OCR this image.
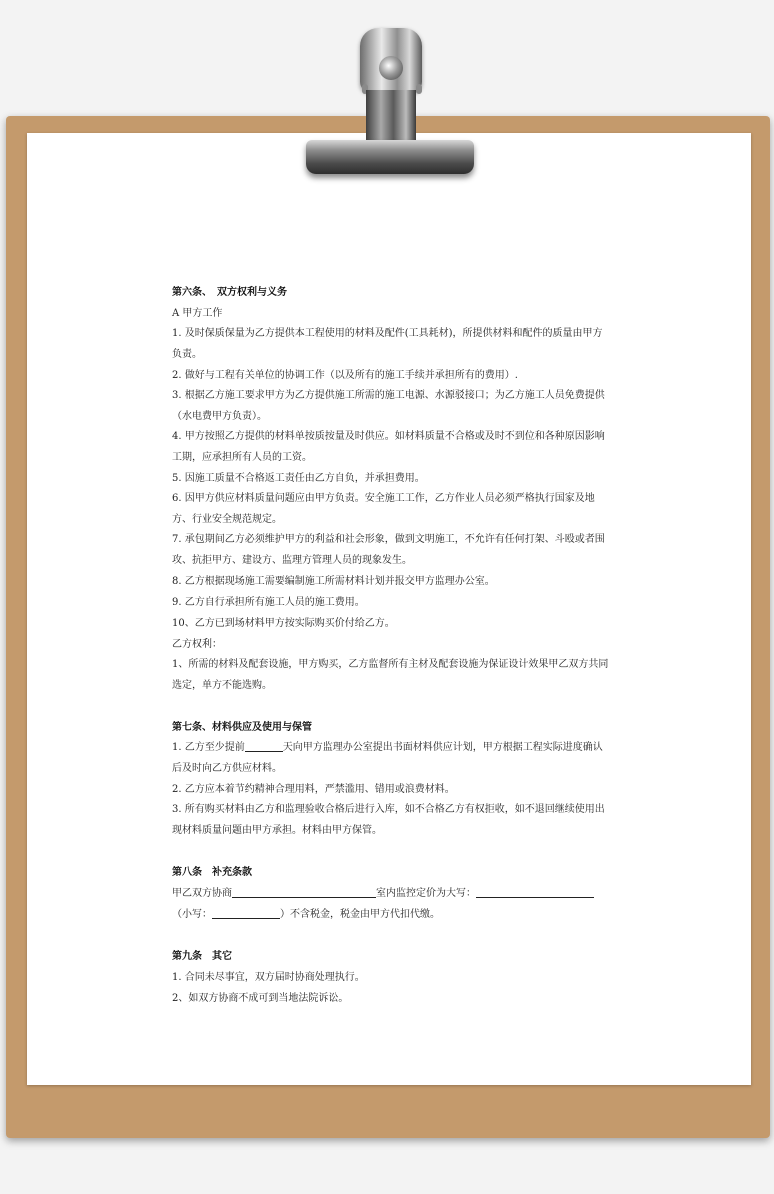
第六条、　双方权利与义务

A 甲方工作

1. 及时保质保量为乙方提供本工程使用的材料及配件(工具耗材)，所提供材料和配件的质量由甲方负责。

2. 做好与工程有关单位的协调工作（以及所有的施工手续并承担所有的费用）.

3. 根据乙方施工要求甲方为乙方提供施工所需的施工电源、水源驳接口；为乙方施工人员免费提供（水电费甲方负责）。

4. 甲方按照乙方提供的材料单按质按量及时供应。如材料质量不合格或及时不到位和各种原因影响工期，应承担所有人员的工资。

5. 因施工质量不合格返工责任由乙方自负，并承担费用。

6. 因甲方供应材料质量问题应由甲方负责。安全施工工作，乙方作业人员必须严格执行国家及地方、行业安全规范规定。

7. 承包期间乙方必须维护甲方的利益和社会形象，做到文明施工，不允许有任何打架、斗殴或者围攻、抗拒甲方、建设方、监理方管理人员的现象发生。

8. 乙方根据现场施工需要编制施工所需材料计划并报交甲方监理办公室。

9. 乙方自行承担所有施工人员的施工费用。

10、乙方已到场材料甲方按实际购买价付给乙方。

乙方权利：

1、所需的材料及配套设施，甲方购买，乙方监督所有主材及配套设施为保证设计效果甲乙双方共同选定，单方不能选购。

第七条、材料供应及使用与保管

1. 乙方至少提前	天向甲方监理办公室提出书面材料供应计划，甲方根据工程实际进度确认后及时向乙方供应材料。

2. 乙方应本着节约精神合理用料，严禁滥用、错用或浪费材料。

3. 所有购买材料由乙方和监理验收合格后进行入库，如不合格乙方有权拒收，如不退回继续使用出现材料质量问题由甲方承担。材料由甲方保管。

第八条　补充条款

甲乙双方协商	室内监控定价为大写：

（小写：	）不含税金，税金由甲方代扣代缴。

第九条　其它

1. 合同未尽事宜，双方届时协商处理执行。

2、如双方协商不成可到当地法院诉讼。
